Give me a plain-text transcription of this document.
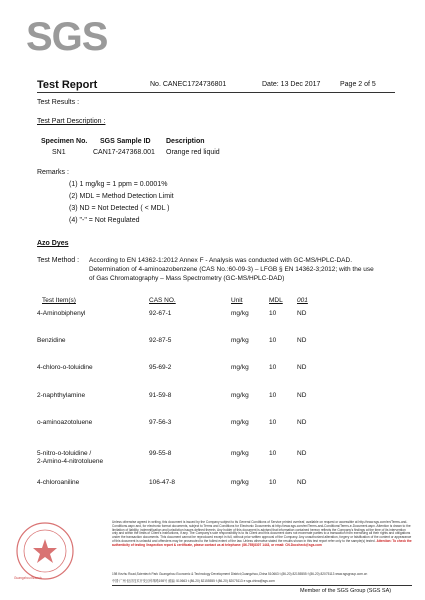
SGS
Test Report	No. CANEC1724736801	Date: 13 Dec 2017	Page 2 of 5
Test Results :
Test Part Description :
Specimen No. SGS Sample ID Description
SN1	CAN17-247368.001 Orange red liquid
Remarks :
(1) 1 mg/kg = 1 ppm = 0.0001%
(2) MDL = Method Detection Limit
(3) ND = Not Detected ( < MDL )
(4) "-" = Not Regulated
Azo Dyes
Test Method : According to EN 14362-1:2012 Annex F - Analysis was conducted with GC-MS/HPLC-DAD.
Determination of 4-aminoazobenzene (CAS No.:60-09-3) – LFGB § EN 14362-3;2012; with the use
of Gas Chromatography – Mass Spectrometry (GC-MS/HPLC-DAD)
Test Item(s)	CAS NO.	Unit	MDL 001
4-Aminobiphenyl	92-67-1	mg/kg	10	ND
Benzidine	92-87-5	mg/kg	10	ND
4-chloro-o-toluidine	95-69-2	mg/kg	10	ND
2-naphthylamine	91-59-8	mg/kg	10	ND
o-aminoazotoluene	97-56-3	mg/kg	10	ND
5-nitro-o-toluidine /	99-55-8	mg/kg	10	ND
2-Amino-4-nitrotoluene
4-chloroaniline	106-47-8	mg/kg	10	ND
Unless otherwise agreed in writing, this document is issued by the Company subject to its General Conditions of Service printed overleaf, available on request or accessible at http://www.sgs.com/en/Terms-and-Conditions.aspx and, for electronic format documents, subject to Terms and Conditions for Electronic Documents at http://www.sgs.com/en/Terms-and-Conditions/Terms-e-Document.aspx. Attention is drawn to the limitation of liability, indemnification and jurisdiction issues defined therein. Any holder of this document is advised that information contained hereon reflects the Company's findings at the time of its intervention only and within the limits of Client's instructions, if any. The Company's sole responsibility is to its Client and this document does not exonerate parties to a transaction from exercising all their rights and obligations under the transaction documents. This document cannot be reproduced except in full, without prior written approval of the Company. Any unauthorized alteration, forgery or falsification of the content or appearance of this document is unlawful and offenders may be prosecuted to the fullest extent of the law. Unless otherwise stated the results shown in this test report refer only to the sample(s) tested. Attention: To check the authenticity of testing /inspection report & certificate, please contact us at telephone: (86-755)8307 1443, or email: CN.Doccheck@sgs.com
198 Kezhu Road,Scientech Park Guangzhou Economic & Technology Development District,Guangzhou,China 510663 t (86-20) 82155555 f (86-20) 82075113 www.sgsgroup.com.cn
中国·广州·经济技术开发区科珠路198号 邮编: 510663 t (86-20) 82155555 f (86-20) 82075113 e sgs.china@sgs.com
Guangzhou Branch
Member of the SGS Group (SGS SA)
